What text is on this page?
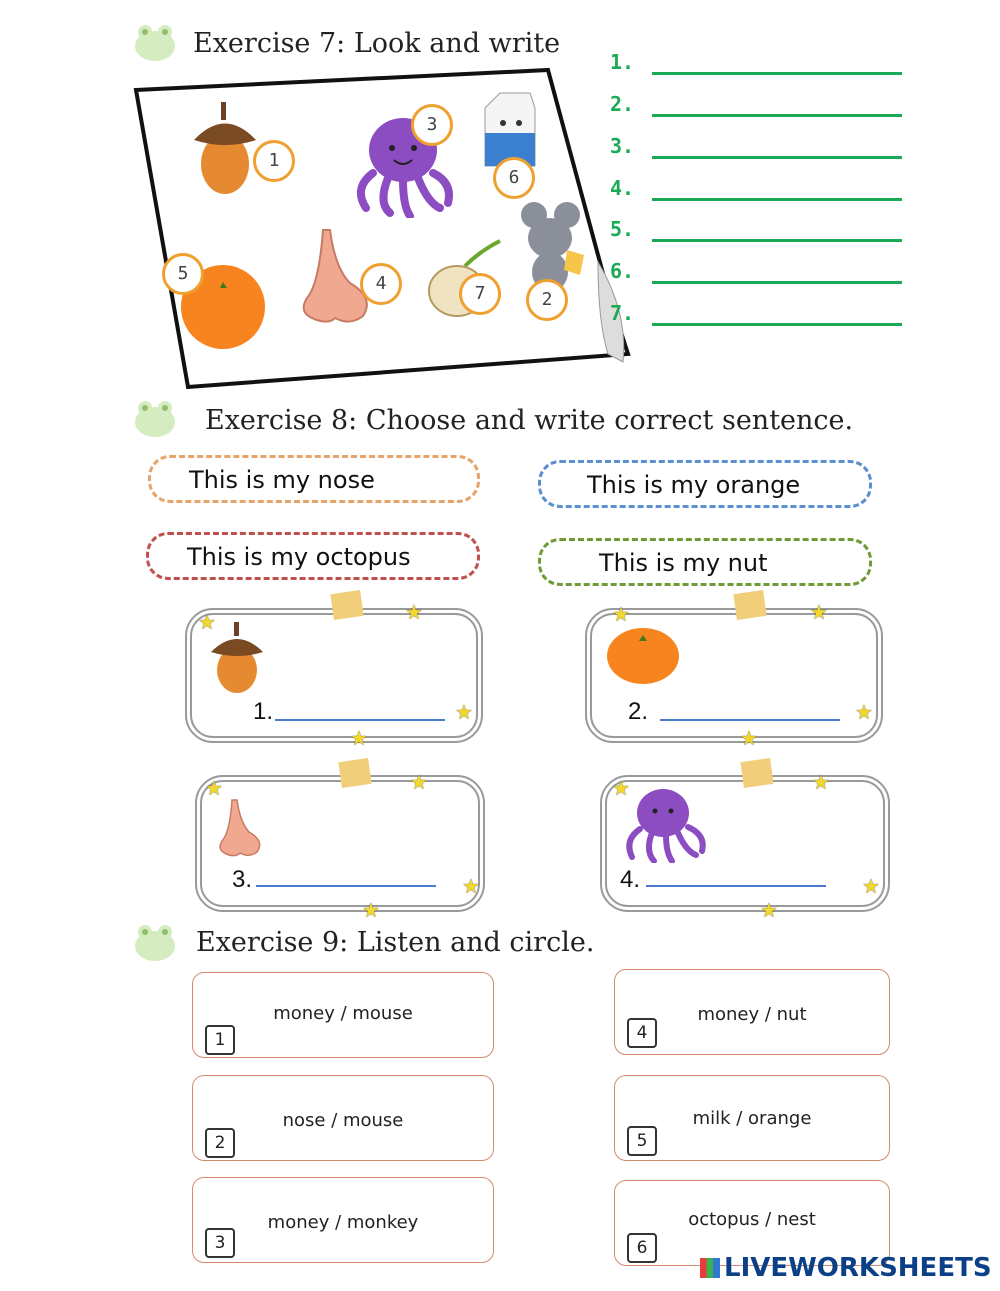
Exercise 7: Look and write
1
3
6
5	4	7	2
1.
2.
3.
4.
5.
6.
7.
Exercise 8: Choose and write correct sentence.
This is my nose	This is my orange
This is my octopus	This is my nut
1.	2.
3.	4.
★	★
★
★
★	★
★
★
★	★
★
★
★	★
★
★
Exercise 9: Listen and circle.
money / mouse
1
nose / mouse
2
money / monkey
3
money / nut
4
milk / orange
5
octopus / nest
6
LIVEWORKSHEETS
